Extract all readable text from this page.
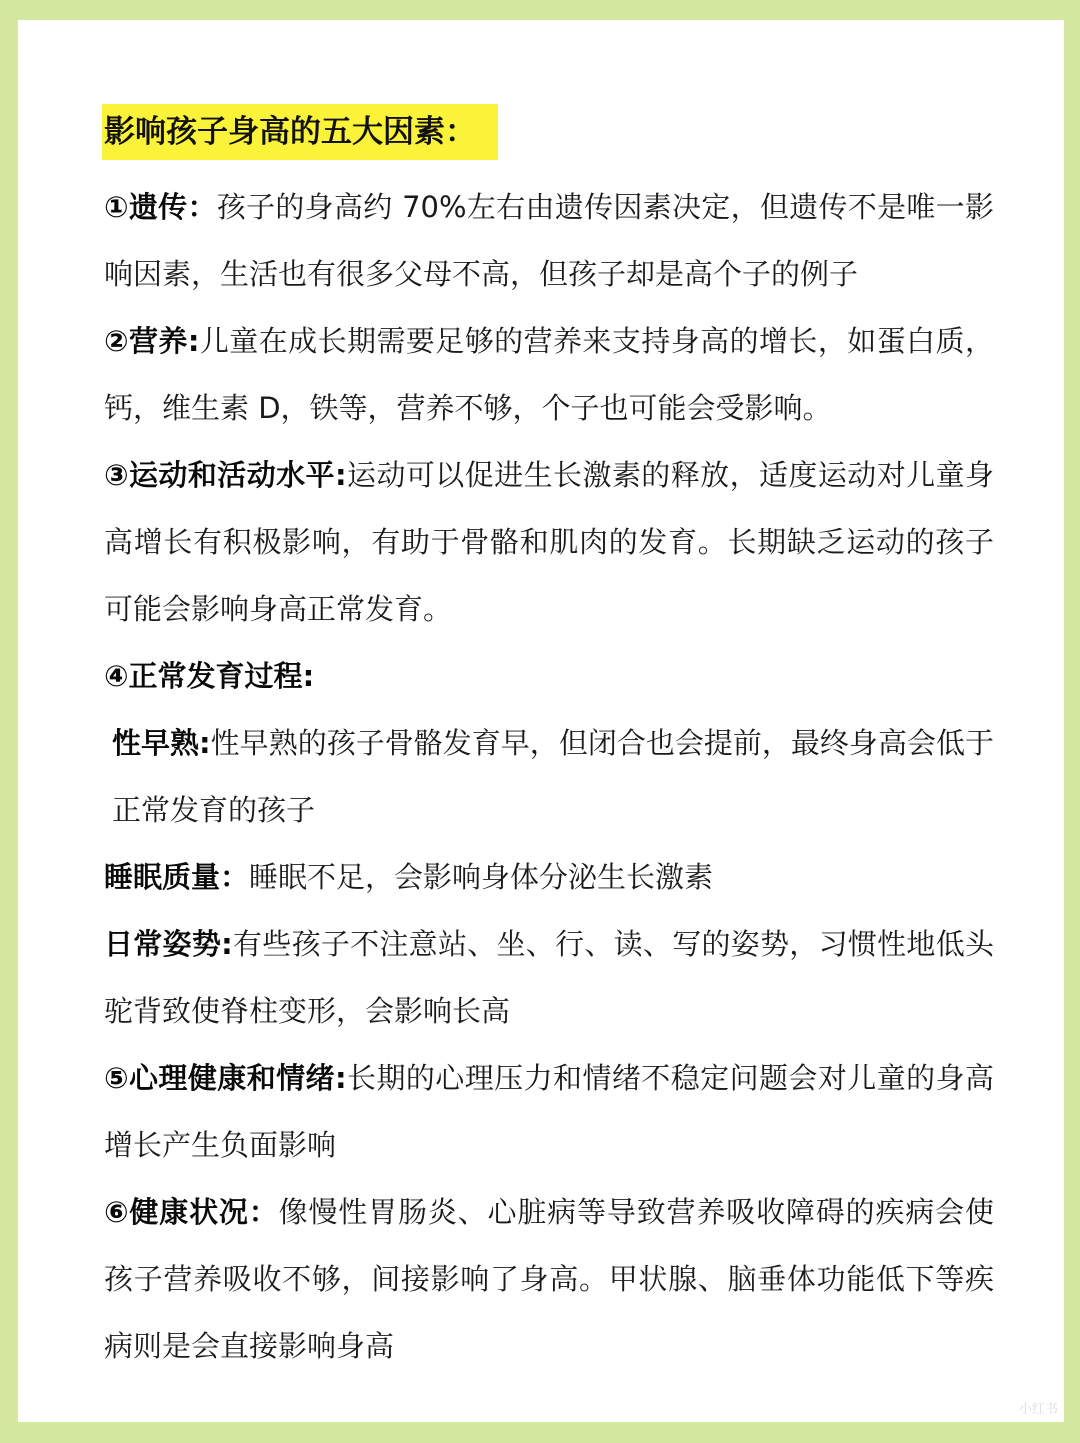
影响孩子身高的五大因素：

①遗传：孩子的身高约 70%左右由遗传因素决定，但遗传不是唯一影响因素，生活也有很多父母不高，但孩子却是高个子的例子

②营养:儿童在成长期需要足够的营养来支持身高的增长，如蛋白质，钙，维生素 D，铁等，营养不够，个子也可能会受影响。

③运动和活动水平:运动可以促进生长激素的释放，适度运动对儿童身高增长有积极影响，有助于骨骼和肌肉的发育。长期缺乏运动的孩子可能会影响身高正常发育。

④正常发育过程:

性早熟:性早熟的孩子骨骼发育早，但闭合也会提前，最终身高会低于正常发育的孩子

睡眠质量：睡眠不足，会影响身体分泌生长激素

日常姿势:有些孩子不注意站、坐、行、读、写的姿势，习惯性地低头驼背致使脊柱变形，会影响长高

⑤心理健康和情绪:长期的心理压力和情绪不稳定问题会对儿童的身高增长产生负面影响

⑥健康状况：像慢性胃肠炎、心脏病等导致营养吸收障碍的疾病会使孩子营养吸收不够，间接影响了身高。甲状腺、脑垂体功能低下等疾病则是会直接影响身高

小红书
